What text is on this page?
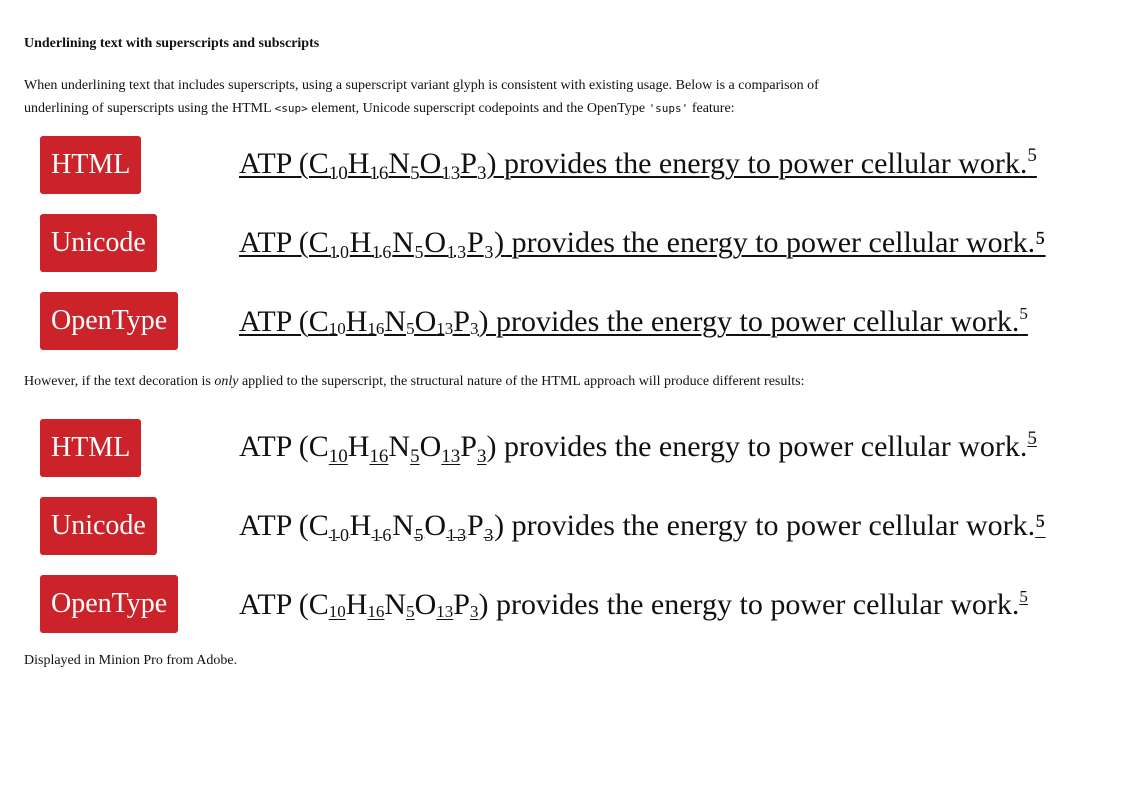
Underlining text with superscripts and subscripts

When underlining text that includes superscripts, using a superscript variant glyph is consistent with existing usage. Below is a comparison of underlining of superscripts using the HTML <sup> element, Unicode superscript codepoints and the OpenType 'sups' feature:

HTML	ATP $(C_{10}H_{16}N_5O_{13}P_3)$ provides the energy to power cellular work.$^5$
Unicode	ATP (C₁₀H₁₆N₅O₁₃P₃) provides the energy to power cellular work.⁵
OpenType	ATP (C10H16N5O13P3) provides the energy to power cellular work.$^5$

However, if the text decoration is only applied to the superscript, the structural nature of the HTML approach will produce different results:

HTML	ATP $(C_{10}H_{16}N_5O_{13}P_3)$ provides the energy to power cellular work.$^5$
Unicode	ATP (C₁₀H₁₆N₅O₁₃P₃) provides the energy to power cellular work.⁵
OpenType	ATP (C10H16N5O13P3) provides the energy to power cellular work.$^5$
Displayed in Minion Pro from Adobe.
